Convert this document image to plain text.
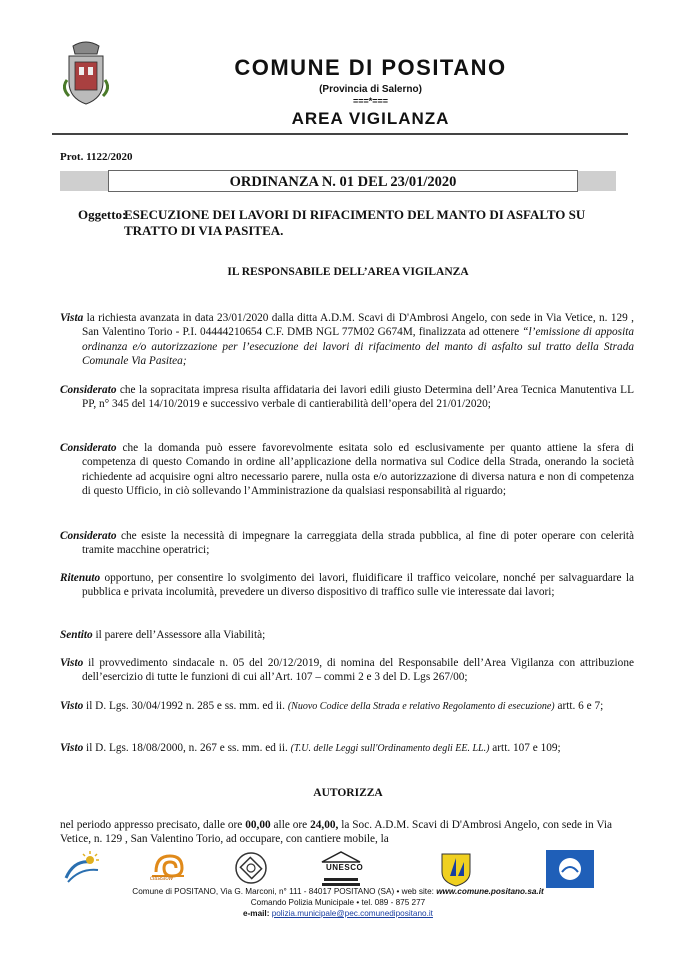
COMUNE DI POSITANO
(Provincia di Salerno)
===*===
AREA VIGILANZA
Prot. 1122/2020
ORDINANZA N. 01 DEL 23/01/2020
Oggetto:
ESECUZIONE DEI LAVORI DI RIFACIMENTO DEL MANTO DI ASFALTO SU TRATTO DI VIA PASITEA.
IL RESPONSABILE DELL’AREA VIGILANZA
Vista la richiesta avanzata in data 23/01/2020 dalla ditta A.D.M. Scavi di D'Ambrosi Angelo, con sede in Via Vetice, n. 129 , San Valentino Torio - P.I. 04444210654 C.F. DMB NGL 77M02 G674M, finalizzata ad ottenere “l’emissione di apposita ordinanza e/o autorizzazione per l’esecuzione dei lavori di rifacimento del manto di asfalto sul tratto della Strada Comunale Via Pasitea;
Considerato che la sopracitata impresa risulta affidataria dei lavori edili giusto Determina dell’Area Tecnica Manutentiva LL PP, n° 345 del 14/10/2019 e successivo verbale di cantierabilità dell’opera del 21/01/2020;
Considerato che la domanda può essere favorevolmente esitata solo ed esclusivamente per quanto attiene la sfera di competenza di questo Comando in ordine all’applicazione della normativa sul Codice della Strada, onerando la società richiedente ad acquisire ogni altro necessario parere, nulla osta e/o autorizzazione di diversa natura e non di competenza di questo Ufficio, in ciò sollevando l’Amministrazione da qualsiasi responsabilità al riguardo;
Considerato che esiste la necessità di impegnare la carreggiata della strada pubblica, al fine di poter operare con celerità tramite macchine operatrici;
Ritenuto opportuno, per consentire lo svolgimento dei lavori, fluidificare il traffico veicolare, nonché per salvaguardare la pubblica e privata incolumità, prevedere un diverso dispositivo di traffico sulle vie interessate dai lavori;
Sentito il parere dell’Assessore alla Viabilità;
Visto il provvedimento sindacale n. 05 del 20/12/2019, di nomina del Responsabile dell’Area Vigilanza con attribuzione dell’esercizio di tutte le funzioni di cui all’Art. 107 – commi 2 e 3 del D. Lgs 267/00;
Visto il D. Lgs. 30/04/1992 n. 285 e ss. mm. ed ii. (Nuovo Codice della Strada e relativo Regolamento di esecuzione) artt. 6 e 7;
Visto il D. Lgs. 18/08/2000, n. 267 e ss. mm. ed ii. (T.U. delle Leggi sull'Ordinamento degli EE. LL.) artt. 107 e 109;
AUTORIZZA
nel periodo appresso precisato, dalle ore 00,00 alle ore 24,00, la Soc. A.D.M. Scavi di D'Ambrosi Angelo, con sede in Via Vetice, n. 129 , San Valentino Torio, ad occupare, con cantiere mobile, la
cittaslow
UNESCO
Comune di POSITANO, Via G. Marconi, n° 111 - 84017 POSITANO (SA) • web site: www.comune.positano.sa.it
Comando Polizia Municipale • tel. 089 - 875 277
e-mail: polizia.municipale@pec.comunedipositano.it
